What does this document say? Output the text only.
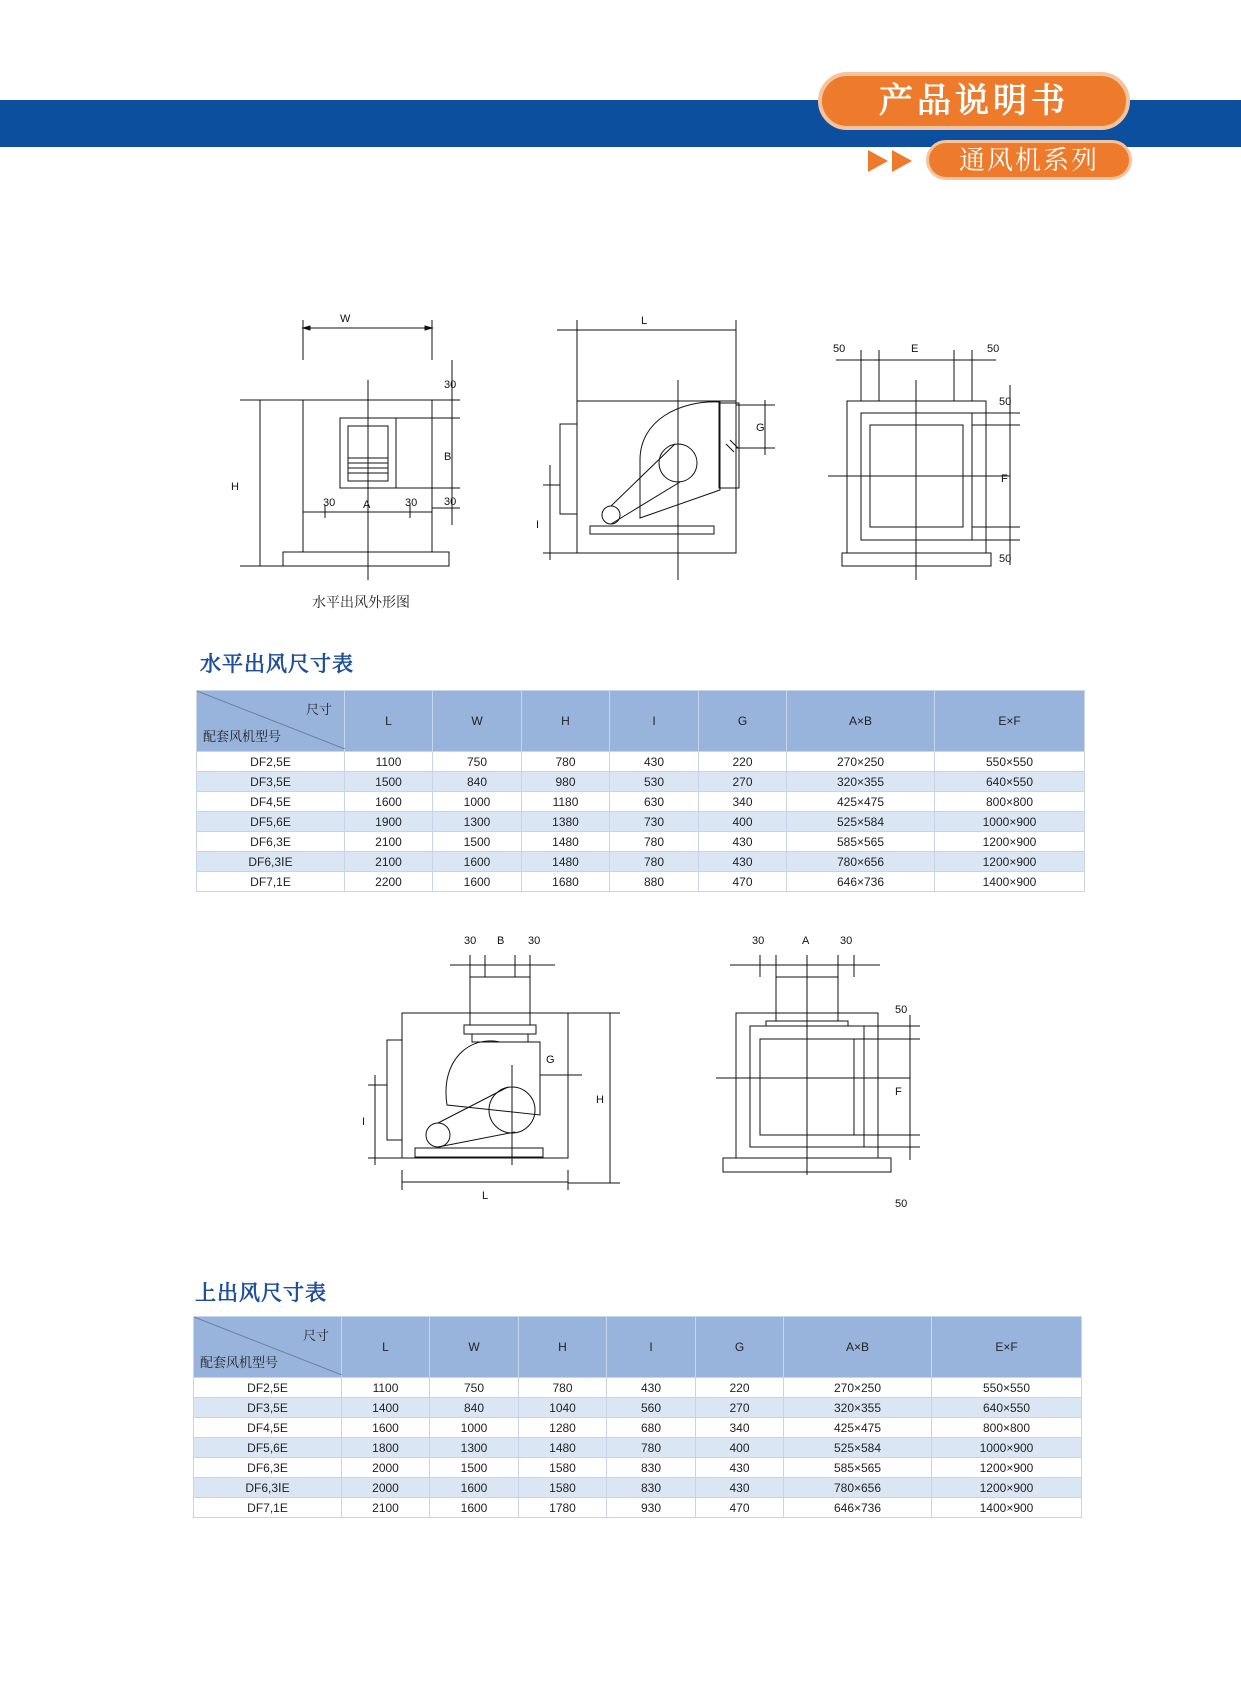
产品说明书
通风机系列
W
H
A
B
30	30
30
30
L
G
I
50	E	50
F
50
50
水平出风外形图
水平出风尺寸表
尺寸
配套风机型号	L	W	H	I	G	A×B	E×F
DF2,5E	1100	750	780	430	220	270×250	550×550
DF3,5E	1500	840	980	530	270	320×355	640×550
DF4,5E	1600	1000	1180	630	340	425×475	800×800
DF5,6E	1900	1300	1380	730	400	525×584	1000×900
DF6,3E	2100	1500	1480	780	430	585×565	1200×900
DF6,3ⅠE	2100	1600	1480	780	430	780×656	1200×900
DF7,1E	2200	1600	1680	880	470	646×736	1400×900
30 B 30
G
H
I
L
30	A	30
50
F
50
上出风尺寸表
尺寸
配套风机型号	L	W	H	I	G	A×B	E×F
DF2,5E	1100	750	780	430	220	270×250	550×550
DF3,5E	1400	840	1040	560	270	320×355	640×550
DF4,5E	1600	1000	1280	680	340	425×475	800×800
DF5,6E	1800	1300	1480	780	400	525×584	1000×900
DF6,3E	2000	1500	1580	830	430	585×565	1200×900
DF6,3ⅠE	2000	1600	1580	830	430	780×656	1200×900
DF7,1E	2100	1600	1780	930	470	646×736	1400×900
